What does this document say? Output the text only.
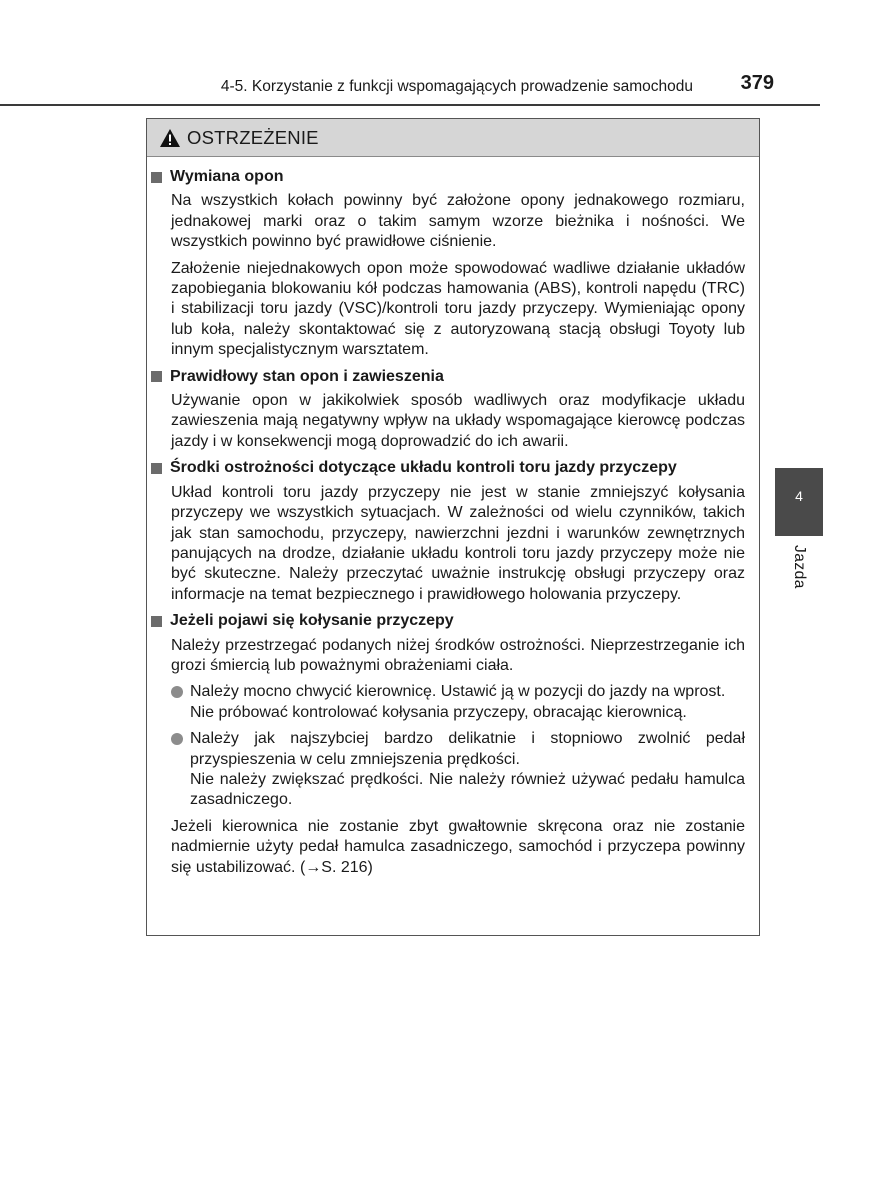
4-5. Korzystanie z funkcji wspomagających prowadzenie samochodu 379
OSTRZEŻENIE
Wymiana opon

Na wszystkich kołach powinny być założone opony jednakowego rozmiaru, jednakowej marki oraz o takim samym wzorze bieżnika i nośności. We wszystkich powinno być prawidłowe ciśnienie.

Założenie niejednakowych opon może spowodować wadliwe działanie układów zapobiegania blokowaniu kół podczas hamowania (ABS), kontroli napędu (TRC) i stabilizacji toru jazdy (VSC)/kontroli toru jazdy przyczepy. Wymieniając opony lub koła, należy skontaktować się z autoryzowaną stacją obsługi Toyoty lub innym specjalistycznym warsztatem.

Prawidłowy stan opon i zawieszenia

Używanie opon w jakikolwiek sposób wadliwych oraz modyfikacje układu zawieszenia mają negatywny wpływ na układy wspomagające kierowcę podczas jazdy i w konsekwencji mogą doprowadzić do ich awarii.

Środki ostrożności dotyczące układu kontroli toru jazdy przyczepy

Układ kontroli toru jazdy przyczepy nie jest w stanie zmniejszyć kołysania przyczepy we wszystkich sytuacjach. W zależności od wielu czynników, takich jak stan samochodu, przyczepy, nawierzchni jezdni i warunków zewnętrznych panujących na drodze, działanie układu kontroli toru jazdy przyczepy może nie być skuteczne. Należy przeczytać uważnie instrukcję obsługi przyczepy oraz informacje na temat bezpiecznego i prawidłowego holowania przyczepy.

Jeżeli pojawi się kołysanie przyczepy

Należy przestrzegać podanych niżej środków ostrożności. Nieprzestrzeganie ich grozi śmiercią lub poważnymi obrażeniami ciała.

Należy mocno chwycić kierownicę. Ustawić ją w pozycji do jazdy na wprost.

Nie próbować kontrolować kołysania przyczepy, obracając kierownicą.

Należy jak najszybciej bardzo delikatnie i stopniowo zwolnić pedał przyspieszenia w celu zmniejszenia prędkości.

Nie należy zwiększać prędkości. Nie należy również używać pedału hamulca zasadniczego.

Jeżeli kierownica nie zostanie zbyt gwałtownie skręcona oraz nie zostanie nadmiernie użyty pedał hamulca zasadniczego, samochód i przyczepa powinny się ustabilizować. (→S. 216)

4
Jazda
